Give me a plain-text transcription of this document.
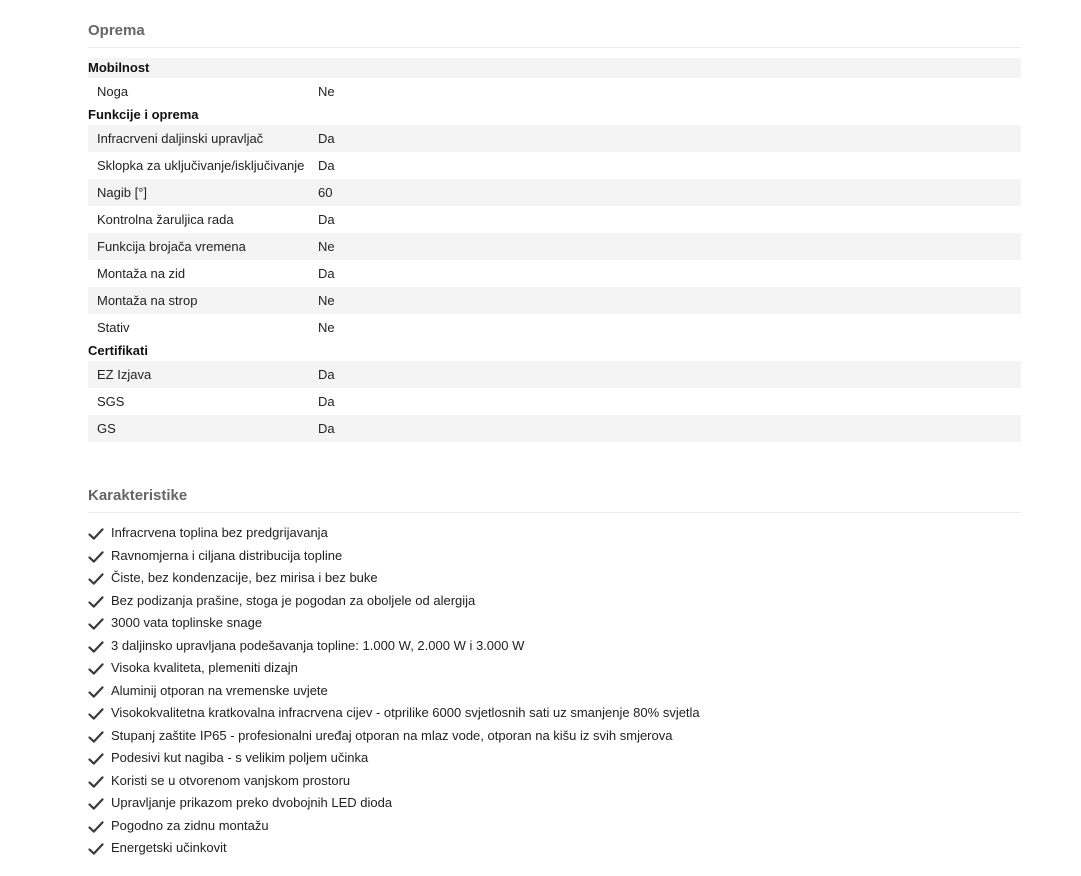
Oprema
Mobilnost
Noga	Ne
Funkcije i oprema
Infracrveni daljinski upravljač	Da
Sklopka za uključivanje/isključivanje	Da
Nagib [°]	60
Kontrolna žaruljica rada	Da
Funkcija brojača vremena	Ne
Montaža na zid	Da
Montaža na strop	Ne
Stativ	Ne
Certifikati
EZ Izjava	Da
SGS	Da
GS	Da
Karakteristike
Infracrvena toplina bez predgrijavanja
Ravnomjerna i ciljana distribucija topline
Čiste, bez kondenzacije, bez mirisa i bez buke
Bez podizanja prašine, stoga je pogodan za oboljele od alergija
3000 vata toplinske snage
3 daljinsko upravljana podešavanja topline: 1.000 W, 2.000 W i 3.000 W
Visoka kvaliteta, plemeniti dizajn
Aluminij otporan na vremenske uvjete
Visokokvalitetna kratkovalna infracrvena cijev - otprilike 6000 svjetlosnih sati uz smanjenje 80% svjetla
Stupanj zaštite IP65 - profesionalni uređaj otporan na mlaz vode, otporan na kišu iz svih smjerova
Podesivi kut nagiba - s velikim poljem učinka
Koristi se u otvorenom vanjskom prostoru
Upravljanje prikazom preko dvobojnih LED dioda
Pogodno za zidnu montažu
Energetski učinkovit
